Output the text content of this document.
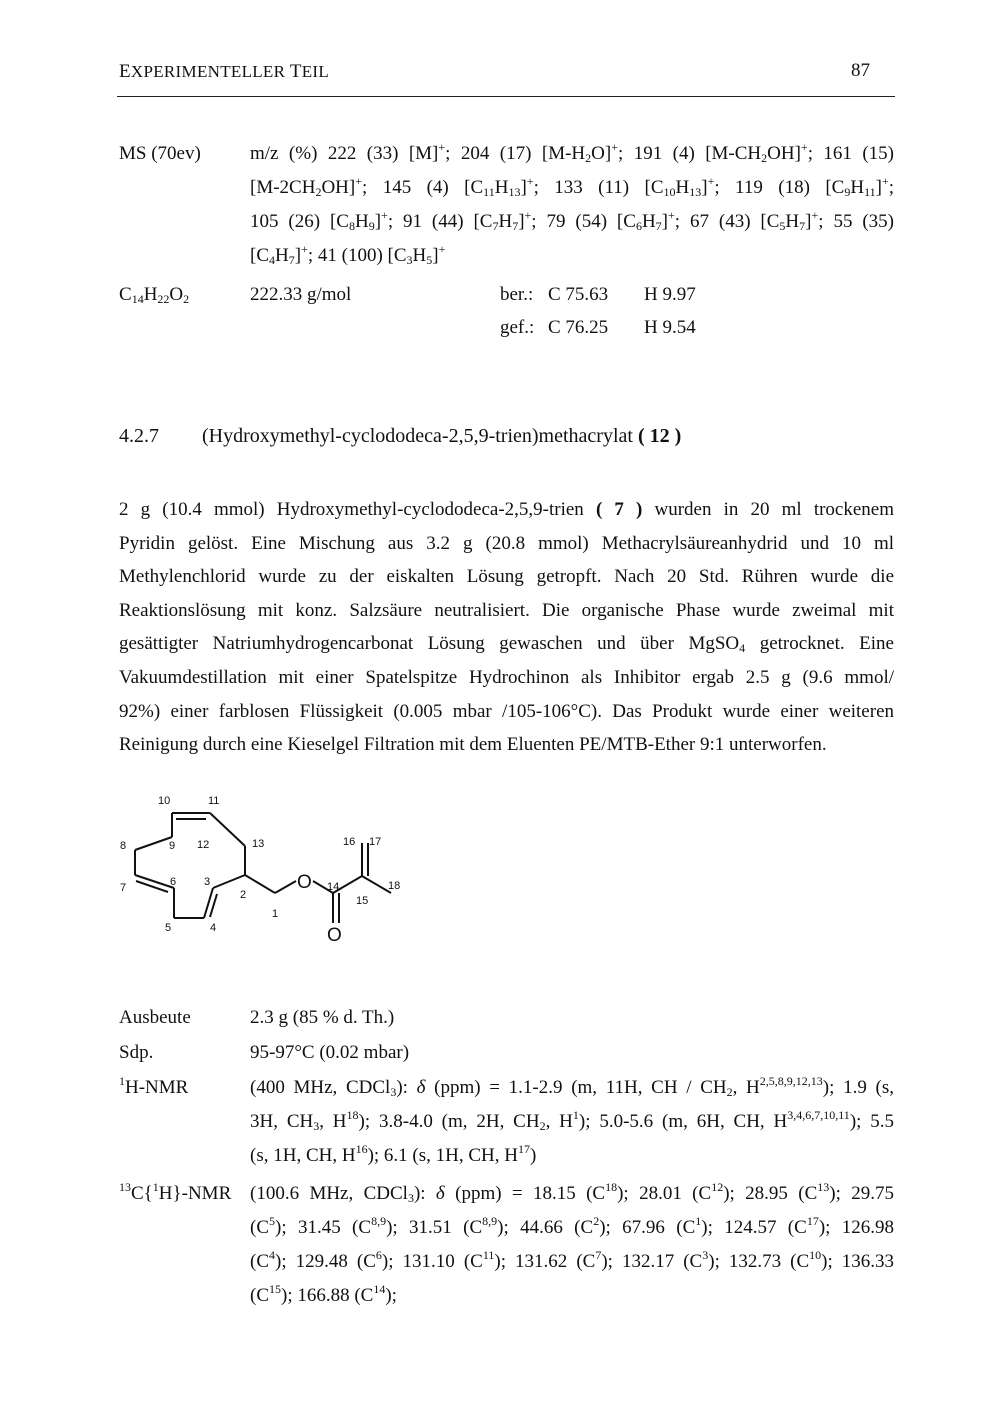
EXPERIMENTELLER TEIL	87
MS (70ev)	m/z (%) 222 (33) [M]+; 204 (17) $[M-H_2O]^+$; 191 (4) $[M-CH_2OH]^+$; 161 (15)
$[M-2CH_2OH]^+$; 145 (4) $[C_{11}H_{13}]^+$; 133 (11) $[C_{10}H_{13}]^+$; 119 (18) $[C_9H_{11}]^+$;
105 (26) $[C_8H_9]^+$; 91 (44) $[C_7H_7]^+$; 79 (54) $[C_6H_7]^+$; 67 (43) $[C_5H_7]^+$; 55 (35)
$[C_4H_7]^+$; 41 (100) $[C_3H_5]^+$
$C_{14}H_{22}O_2$	222.33 g/mol	ber.: C 75.63 H 9.97
gef.: C 76.25 H 9.54
4.2.7 (Hydroxymethyl-cyclododeca-2,5,9-trien)methacrylat ( 12 )
2 g (10.4 mmol) Hydroxymethyl-cyclododeca-2,5,9-trien ( 7 ) wurden in 20 ml trockenem
Pyridin gelöst. Eine Mischung aus 3.2 g (20.8 mmol) Methacrylsäureanhydrid und 10 ml
Methylenchlorid wurde zu der eiskalten Lösung getropft. Nach 20 Std. Rühren wurde die
Reaktionslösung mit konz. Salzsäure neutralisiert. Die organische Phase wurde zweimal mit
gesättigter Natriumhydrogencarbonat Lösung gewaschen und über MgSO$_4$ getrocknet. Eine
Vakuumdestillation mit einer Spatelspitze Hydrochinon als Inhibitor ergab 2.5 g (9.6 mmol/
92%) einer farblosen Flüssigkeit (0.005 mbar /105-106°C). Das Produkt wurde einer weiteren
Reinigung durch eine Kieselgel Filtration mit dem Eluenten PE/MTB-Ether 9:1 unterworfen.
10	11
8	9 12	13	16 17
7	6	3
2
14	18
1
15
5	4
O
O
Ausbeute	2.3 g (85 % d. Th.)
Sdp.	95-97°C (0.02 mbar)
$^1$H-NMR	(400 MHz, CDCl$_3$): δ (ppm) = 1.1-2.9 (m, 11H, CH / $CH_2$, H$^{2,5,8,9,12,13}$); 1.9 (s,
3H, $CH_3$, $H^{18}$); 3.8-4.0 (m, 2H, $CH_2$, $H^1$); 5.0-5.6 (m, 6H, CH, H$^{3,4,6,7,10,11}$); 5.5
(s, 1H, CH, $H^{16}$); 6.1 (s, 1H, CH, $H^{17}$)
$^{13}$C{$^1$H}-NMR (100.6 MHz, CDCl$_3$): δ (ppm) = 18.15 $(C^{18})$; 28.01 $(C^{12})$; 28.95 $(C^{13})$; 29.75
$(C^5)$; 31.45 $(C^{8,9})$; 31.51 $(C^{8,9})$; 44.66 $(C^2)$; 67.96 $(C^1)$; 124.57 $(C^{17})$; 126.98
$(C^4)$; 129.48 $(C^6)$; 131.10 $(C^{11})$; 131.62 $(C^7)$; 132.17 $(C^3)$; 132.73 $(C^{10})$; 136.33
$(C^{15})$; 166.88 $(C^{14})$;
